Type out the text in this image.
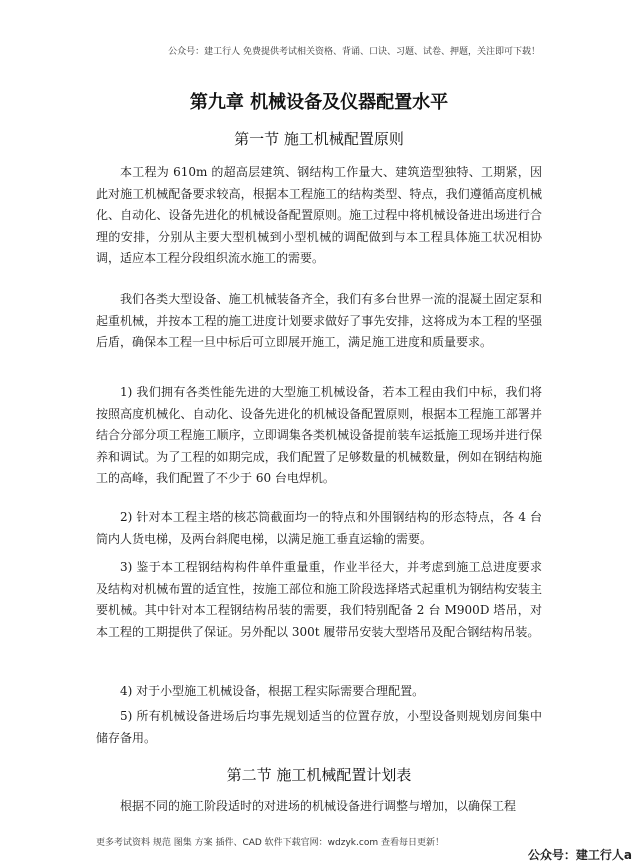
公众号：建工行人 免费提供考试相关资格、背诵、口诀、习题、试卷、押题，关注即可下载！
第九章 机械设备及仪器配置水平
第一节 施工机械配置原则

本工程为 610m 的超高层建筑、钢结构工作量大、建筑造型独特、工期紧，因此对施工机械配备要求较高，根据本工程施工的结构类型、特点，我们遵循高度机械化、自动化、设备先进化的机械设备配置原则。施工过程中将机械设备进出场进行合理的安排，分别从主要大型机械到小型机械的调配做到与本工程具体施工状况相协调，适应本工程分段组织流水施工的需要。

我们各类大型设备、施工机械装备齐全，我们有多台世界一流的混凝土固定泵和起重机械，并按本工程的施工进度计划要求做好了事先安排，这将成为本工程的坚强后盾，确保本工程一旦中标后可立即展开施工，满足施工进度和质量要求。

1) 我们拥有各类性能先进的大型施工机械设备，若本工程由我们中标，我们将按照高度机械化、自动化、设备先进化的机械设备配置原则，根据本工程施工部署并结合分部分项工程施工顺序，立即调集各类机械设备提前装车运抵施工现场并进行保养和调试。为了工程的如期完成，我们配置了足够数量的机械数量，例如在钢结构施工的高峰，我们配置了不少于 60 台电焊机。

2) 针对本工程主塔的核芯筒截面均一的特点和外围钢结构的形态特点，各 4 台筒内人货电梯，及两台斜爬电梯，以满足施工垂直运输的需要。

3) 鉴于本工程钢结构构件单件重量重，作业半径大，并考虑到施工总进度要求及结构对机械布置的适宜性，按施工部位和施工阶段选择塔式起重机为钢结构安装主要机械。其中针对本工程钢结构吊装的需要，我们特别配备 2 台 M900D 塔吊，对本工程的工期提供了保证。另外配以 300t 履带吊安装大型塔吊及配合钢结构吊装。

4) 对于小型施工机械设备，根据工程实际需要合理配置。

5) 所有机械设备进场后均事先规划适当的位置存放，小型设备则规划房间集中储存备用。

第二节 施工机械配置计划表

根据不同的施工阶段适时的对进场的机械设备进行调整与增加，以确保工程

更多考试资料 规范 图集 方案 插件、CAD 软件下载官网：wdzyk.com 查看每日更新！
公众号：建工行人a
